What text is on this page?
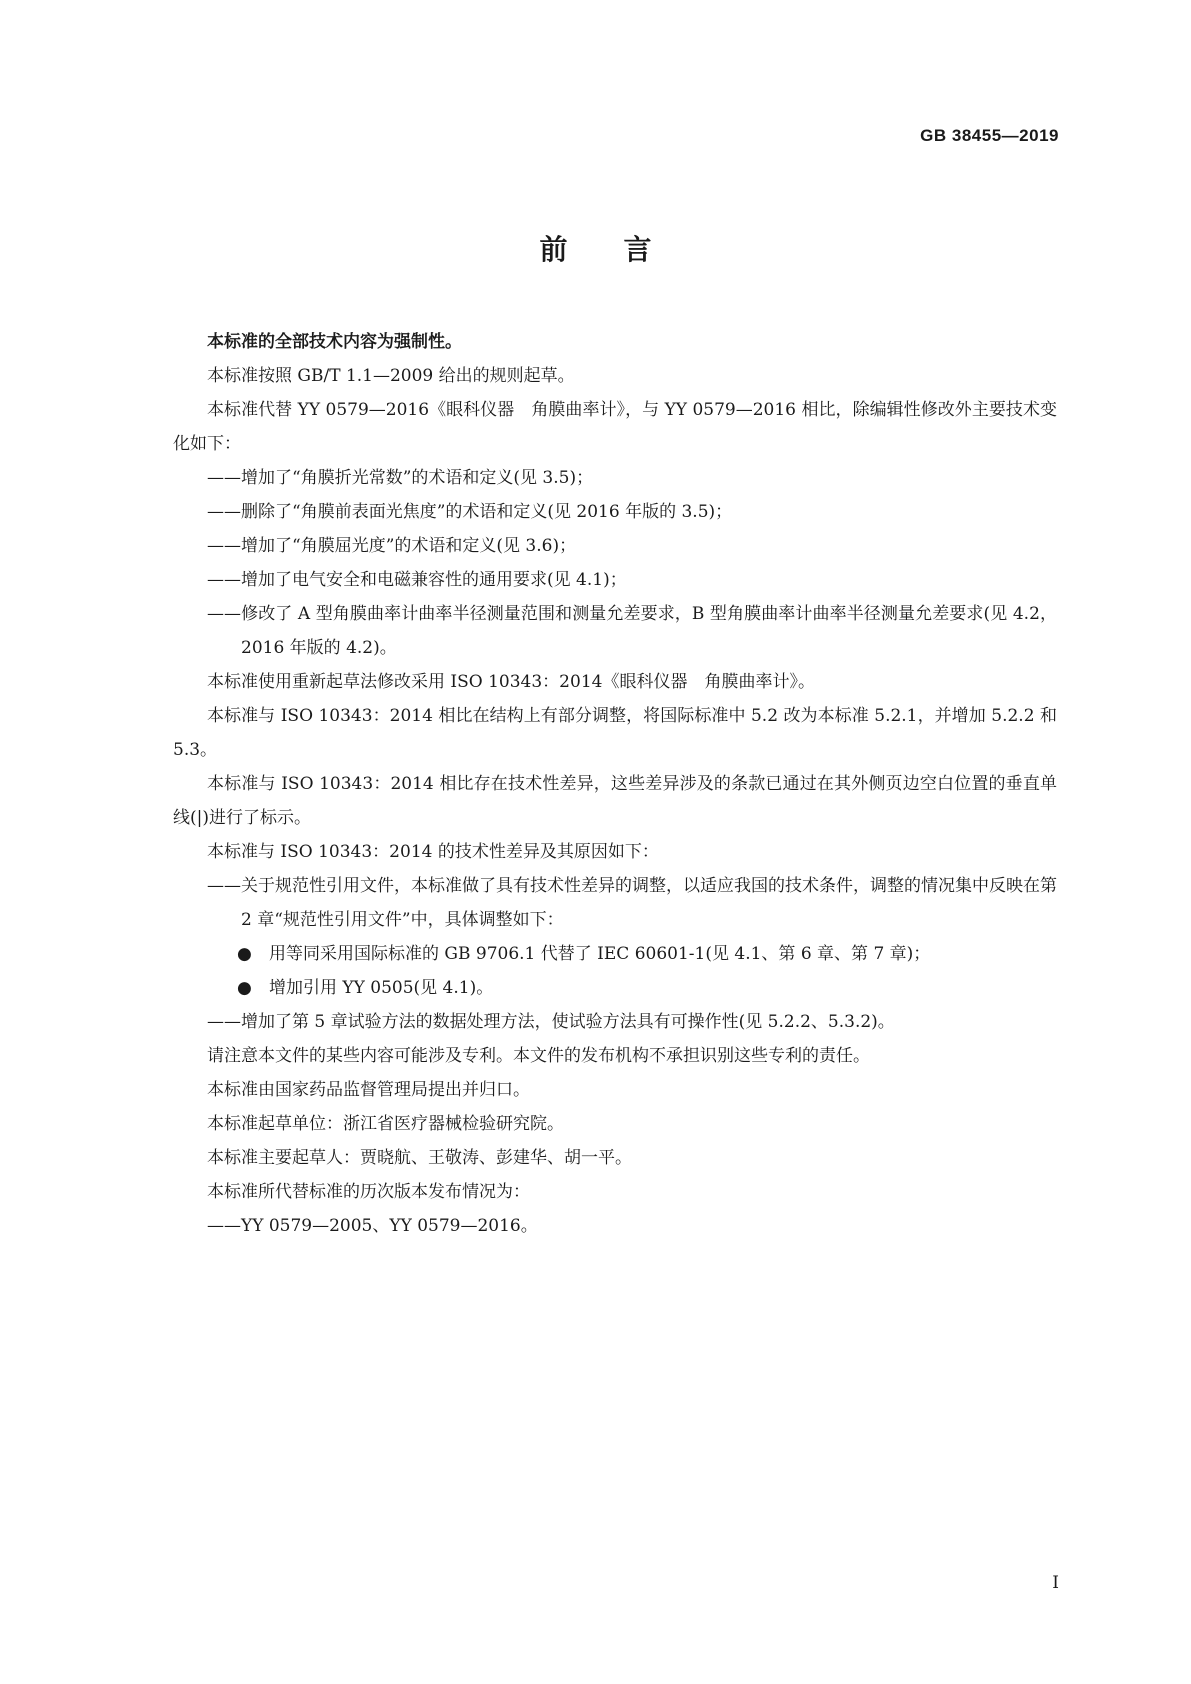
GB 38455—2019
前言

本标准的全部技术内容为强制性。

本标准按照 GB/T 1.1—2009 给出的规则起草。

本标准代替 YY 0579—2016《眼科仪器　角膜曲率计》，与 YY 0579—2016 相比，除编辑性修改外主要技术变化如下：

——增加了“角膜折光常数”的术语和定义(见 3.5)；

——删除了“角膜前表面光焦度”的术语和定义(见 2016 年版的 3.5)；

——增加了“角膜屈光度”的术语和定义(见 3.6)；

——增加了电气安全和电磁兼容性的通用要求(见 4.1)；

——修改了 A 型角膜曲率计曲率半径测量范围和测量允差要求，B 型角膜曲率计曲率半径测量允差要求(见 4.2，2016 年版的 4.2)。

本标准使用重新起草法修改采用 ISO 10343：2014《眼科仪器　角膜曲率计》。

本标准与 ISO 10343：2014 相比在结构上有部分调整，将国际标准中 5.2 改为本标准 5.2.1，并增加 5.2.2 和 5.3。

本标准与 ISO 10343：2014 相比存在技术性差异，这些差异涉及的条款已通过在其外侧页边空白位置的垂直单线(|)进行了标示。

本标准与 ISO 10343：2014 的技术性差异及其原因如下：

——关于规范性引用文件，本标准做了具有技术性差异的调整，以适应我国的技术条件，调整的情况集中反映在第 2 章“规范性引用文件”中，具体调整如下：

● 用等同采用国际标准的 GB 9706.1 代替了 IEC 60601-1(见 4.1、第 6 章、第 7 章)；

● 增加引用 YY 0505(见 4.1)。

——增加了第 5 章试验方法的数据处理方法，使试验方法具有可操作性(见 5.2.2、5.3.2)。

请注意本文件的某些内容可能涉及专利。本文件的发布机构不承担识别这些专利的责任。

本标准由国家药品监督管理局提出并归口。

本标准起草单位：浙江省医疗器械检验研究院。

本标准主要起草人：贾晓航、王敬涛、彭建华、胡一平。

本标准所代替标准的历次版本发布情况为：

——YY 0579—2005、YY 0579—2016。

I
